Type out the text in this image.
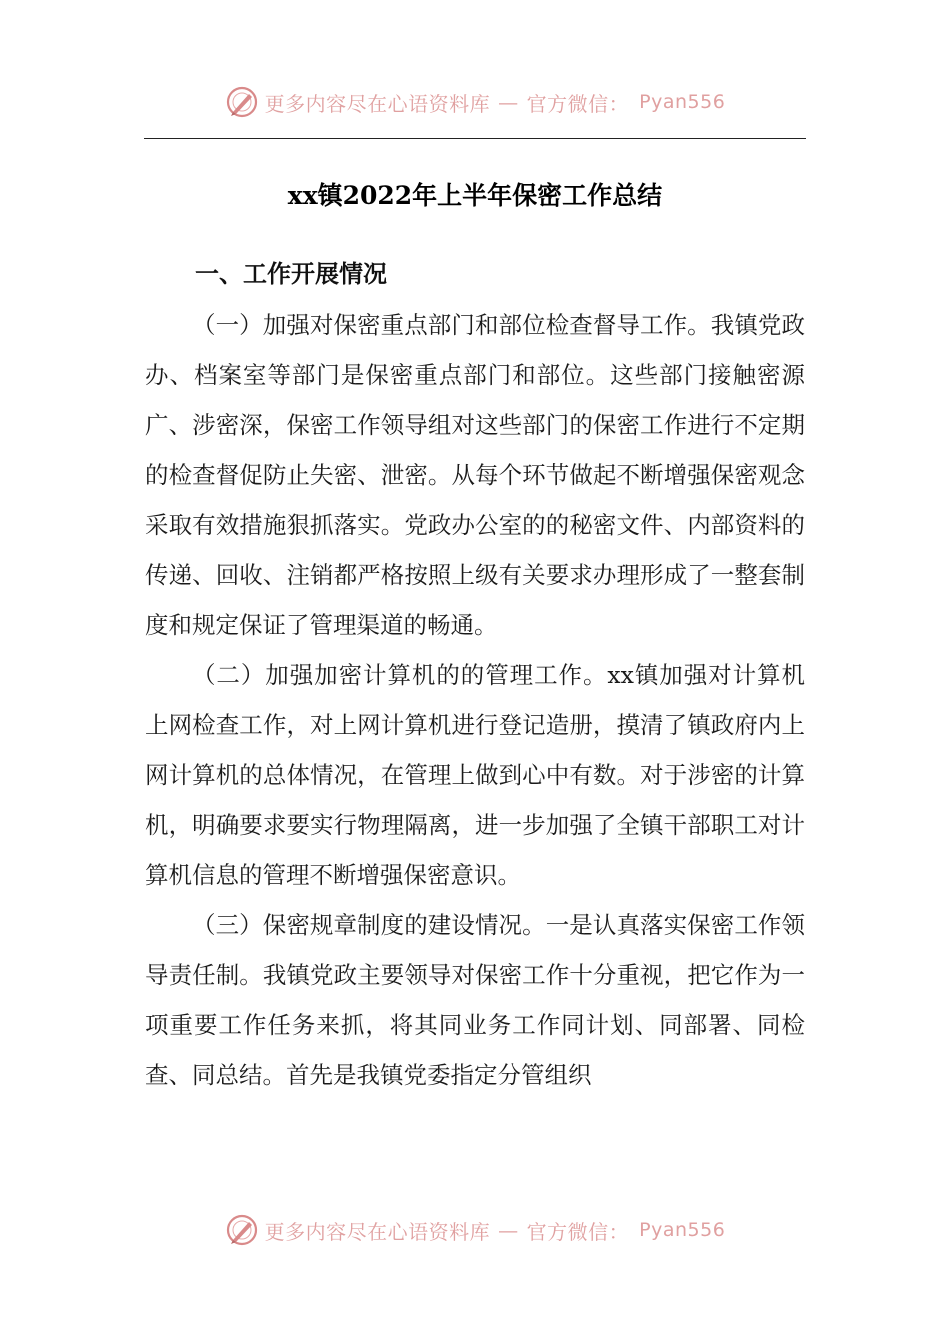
更多内容尽在心语资料库 — 官方微信： Pyan556
xx镇2022年上半年保密工作总结
一、工作开展情况

（一）加强对保密重点部门和部位检查督导工作。我镇党政办、档案室等部门是保密重点部门和部位。这些部门接触密源广、涉密深，保密工作领导组对这些部门的保密工作进行不定期的检查督促防止失密、泄密。从每个环节做起不断增强保密观念采取有效措施狠抓落实。党政办公室的的秘密文件、内部资料的传递、回收、注销都严格按照上级有关要求办理形成了一整套制度和规定保证了管理渠道的畅通。

（二）加强加密计算机的的管理工作。xx镇加强对计算机上网检查工作，对上网计算机进行登记造册，摸清了镇政府内上网计算机的总体情况，在管理上做到心中有数。对于涉密的计算机，明确要求要实行物理隔离，进一步加强了全镇干部职工对计算机信息的管理不断增强保密意识。

（三）保密规章制度的建设情况。一是认真落实保密工作领导责任制。我镇党政主要领导对保密工作十分重视，把它作为一项重要工作任务来抓，将其同业务工作同计划、同部署、同检查、同总结。首先是我镇党委指定分管组织

更多内容尽在心语资料库 — 官方微信： Pyan556
